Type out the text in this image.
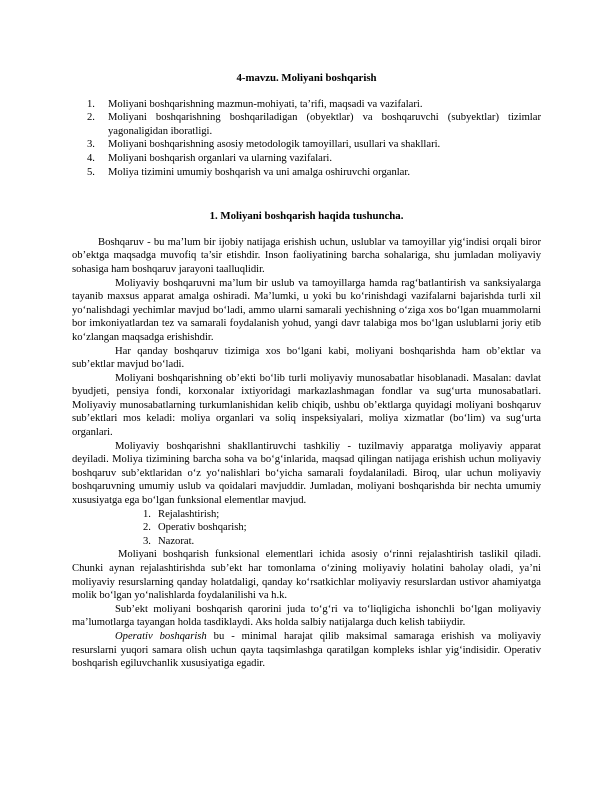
4-mavzu. Moliyani boshqarish
1. Moliyani boshqarishning mazmun-mohiyati, ta’rifi, maqsadi va vazifalari.
2. Moliyani boshqarishning boshqariladigan (obyektlar) va boshqaruvchi (subyektlar) tizimlar yagonaligidan iboratligi.
3. Moliyani boshqarishning asosiy metodologik tamoyillari, usullari va shakllari.
4. Moliyani boshqarish organlari va ularning vazifalari.
5. Moliya tizimini umumiy boshqarish va uni amalga oshiruvchi organlar.
1. Moliyani boshqarish haqida tushuncha.

Boshqaruv - bu ma’lum bir ijobiy natijaga erishish uchun, uslublar va tamoyillar yig‘indisi orqali biror ob’ektga maqsadga muvofiq ta’sir etishdir. Inson faoliyatining barcha sohalariga, shu jumladan moliyaviy sohasiga ham boshqaruv jarayoni taalluqlidir.

Moliyaviy boshqaruvni ma’lum bir uslub va tamoyillarga hamda rag‘batlantirish va sanksiyalarga tayanib maxsus apparat amalga oshiradi. Ma’lumki, u yoki bu ko‘rinishdagi vazifalarni bajarishda turli xil yo‘nalishdagi yechimlar mavjud bo‘ladi, ammo ularni samarali yechishning o‘ziga xos bo‘lgan muammolarni bor imkoniyatlardan tez va samarali foydalanish yohud, yangi davr talabiga mos bo‘lgan uslublarni joriy etib ko‘zlangan maqsadga erishishdir.

Har qanday boshqaruv tizimiga xos bo‘lgani kabi, moliyani boshqarishda ham ob’ektlar va sub’ektlar mavjud bo‘ladi.

Moliyani boshqarishning ob’ekti bo‘lib turli moliyaviy munosabatlar hisoblanadi. Masalan: davlat byudjeti, pensiya fondi, korxonalar ixtiyoridagi markazlashmagan fondlar va sug‘urta munosabatlari. Moliyaviy munosabatlarning turkumlanishidan kelib chiqib, ushbu ob’ektlarga quyidagi moliyani boshqaruv sub’ektlari mos keladi: moliya organlari va soliq inspeksiyalari, moliya xizmatlar (bo‘lim) va sug‘urta organlari.

Moliyaviy boshqarishni shakllantiruvchi tashkiliy - tuzilmaviy apparatga moliyaviy apparat deyiladi. Moliya tizimining barcha soha va bo‘g‘inlarida, maqsad qilingan natijaga erishish uchun moliyaviy boshqaruv sub’ektlaridan o‘z yo‘nalishlari bo‘yicha samarali foydalaniladi. Biroq, ular uchun moliyaviy boshqaruvning umumiy uslub va qoidalari mavjuddir. Jumladan, moliyani boshqarishda bir nechta umumiy xususiyatga ega bo‘lgan funksional elementlar mavjud.

1. Rejalashtirish;
2. Operativ boshqarish;
3. Nazorat.

Moliyani boshqarish funksional elementlari ichida asosiy o‘rinni rejalashtirish taslikil qiladi. Chunki aynan rejalashtirishda sub’ekt har tomonlama o‘zining moliyaviy holatini baholay oladi, ya’ni moliyaviy resurslarning qanday holatdaligi, qanday ko‘rsatkichlar moliyaviy resurslardan ustivor ahamiyatga molik bo‘lgan yo‘nalishlarda foydalanilishi va h.k.

Sub’ekt moliyani boshqarish qarorini juda to‘g‘ri va to‘liqligicha ishonchli bo‘lgan moliyaviy ma’lumotlarga tayangan holda tasdiklaydi. Aks holda salbiy natijalarga duch kelish tabiiydir.

Operativ boshqarish bu - minimal harajat qilib maksimal samaraga erishish va moliyaviy resurslarni yuqori samara olish uchun qayta taqsimlashga qaratilgan kompleks ishlar yig‘indisidir. Operativ boshqarish egiluvchanlik xususiyatiga egadir.
